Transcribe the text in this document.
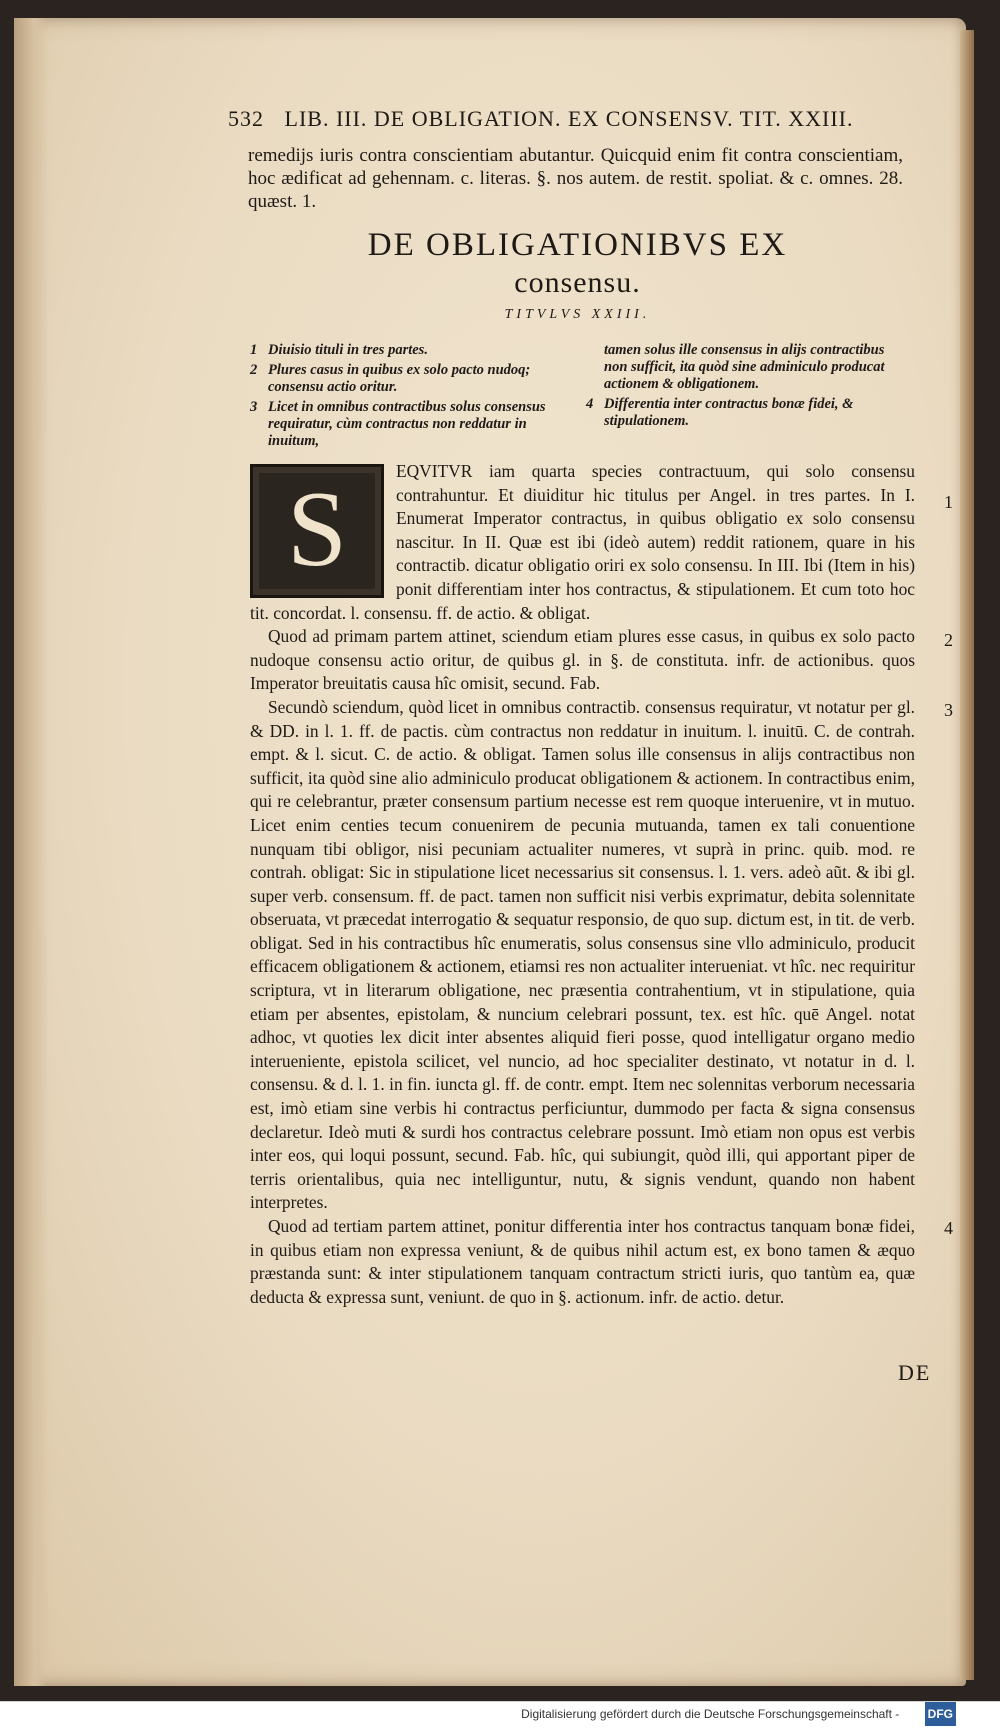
532 LIB. III. DE OBLIGATION. EX CONSENSV. TIT. XXIII.
remedijs iuris contra conscientiam abutantur. Quicquid enim fit contra conscientiam, hoc ædificat ad gehennam. c. literas. §. nos autem. de restit. spoliat. & c. omnes. 28. quæst. 1.
DE OBLIGATIONIBVS EX
consensu.
TITVLVS XXIII.
1 Diuisio tituli in tres partes.
2 Plures casus in quibus ex solo pacto nudoq; consensu actio oritur.
3 Licet in omnibus contractibus solus consensus requiratur, cùm contractus non reddatur in inuitum,
tamen solus ille consensus in alijs contractibus non sufficit, ita quòd sine adminiculo producat actionem & obligationem.
4 Differentia inter contractus bonæ fidei, & stipulationem.
S	EQVITVR iam quarta species contractuum, qui solo consensu contrahuntur. Et diuiditur hic titulus per Angel. in tres partes. In I. Enumerat Imperator contractus, in quibus obligatio ex solo consensu nascitur. In II. Quæ est ibi (ideò autem) reddit rationem, quare in his contractib. dicatur obligatio oriri ex solo consensu. In III. Ibi (Item in his) ponit differentiam inter hos contractus, & stipulationem. Et cum toto hoc tit. concordat. l. consensu. ff. de actio. & obligat.

Quod ad primam partem attinet, sciendum etiam plures esse casus, in quibus ex solo pacto nudoque consensu actio oritur, de quibus gl. in §. de constituta. infr. de actionibus. quos Imperator breuitatis causa hîc omisit, secund. Fab.

Secundò sciendum, quòd licet in omnibus contractib. consensus requiratur, vt notatur per gl. & DD. in l. 1. ff. de pactis. cùm contractus non reddatur in inuitum. l. inuitū. C. de contrah. empt. & l. sicut. C. de actio. & obligat. Tamen solus ille consensus in alijs contractibus non sufficit, ita quòd sine alio adminiculo producat obligationem & actionem. In contractibus enim, qui re celebrantur, præter consensum partium necesse est rem quoque interuenire, vt in mutuo. Licet enim centies tecum conuenirem de pecunia mutuanda, tamen ex tali conuentione nunquam tibi obligor, nisi pecuniam actualiter numeres, vt suprà in princ. quib. mod. re contrah. obligat: Sic in stipulatione licet necessarius sit consensus. l. 1. vers. adeò aũt. & ibi gl. super verb. consensum. ff. de pact. tamen non sufficit nisi verbis exprimatur, debita solennitate obseruata, vt præcedat interrogatio & sequatur responsio, de quo sup. dictum est, in tit. de verb. obligat. Sed in his contractibus hîc enumeratis, solus consensus sine vllo adminiculo, producit efficacem obligationem & actionem, etiamsi res non actualiter interueniat. vt hîc. nec requiritur scriptura, vt in literarum obligatione, nec præsentia contrahentium, vt in stipulatione, quia etiam per absentes, epistolam, & nuncium celebrari possunt, tex. est hîc. quē Angel. notat adhoc, vt quoties lex dicit inter absentes aliquid fieri posse, quod intelligatur organo medio interueniente, epistola scilicet, vel nuncio, ad hoc specialiter destinato, vt notatur in d. l. consensu. & d. l. 1. in fin. iuncta gl. ff. de contr. empt. Item nec solennitas verborum necessaria est, imò etiam sine verbis hi contractus perficiuntur, dummodo per facta & signa consensus declaretur. Ideò muti & surdi hos contractus celebrare possunt. Imò etiam non opus est verbis inter eos, qui loqui possunt, secund. Fab. hîc, qui subiungit, quòd illi, qui apportant piper de terris orientalibus, quia nec intelliguntur, nutu, & signis vendunt, quando non habent interpretes.

Quod ad tertiam partem attinet, ponitur differentia inter hos contractus tanquam bonæ fidei, in quibus etiam non expressa veniunt, & de quibus nihil actum est, ex bono tamen & æquo præstanda sunt: & inter stipulationem tanquam contractum stricti iuris, quo tantùm ea, quæ deducta & expressa sunt, veniunt. de quo in §. actionum. infr. de actio. detur.

1
2
3
4
DE
Digitalisierung gefördert durch die Deutsche Forschungsgemeinschaft - DFG
